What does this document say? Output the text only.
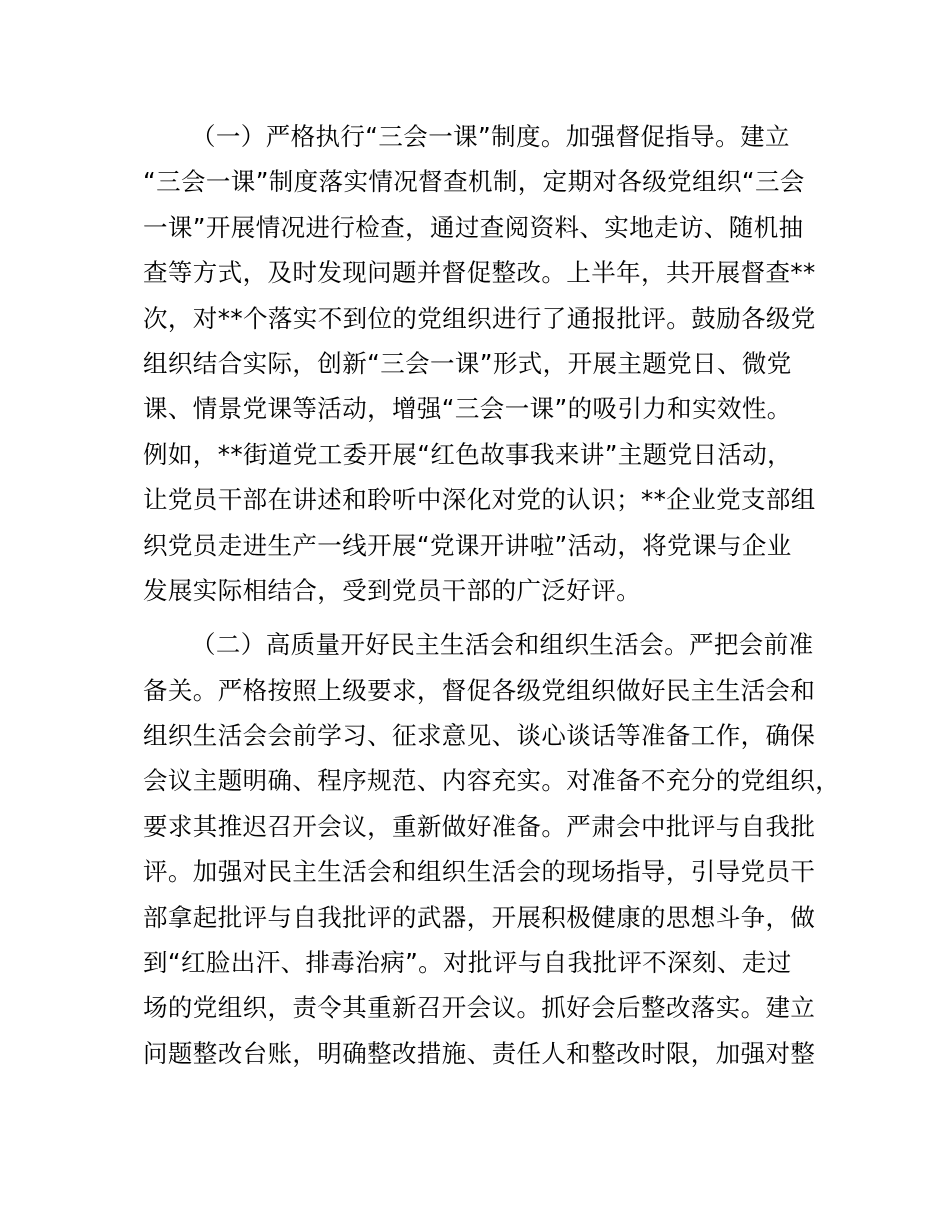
（一）严格执行“三会一课”制度。加强督促指导。建立
“三会一课”制度落实情况督查机制，定期对各级党组织“三会
一课”开展情况进行检查，通过查阅资料、实地走访、随机抽
查等方式，及时发现问题并督促整改。上半年，共开展督查**
次，对**个落实不到位的党组织进行了通报批评。鼓励各级党
组织结合实际，创新“三会一课”形式，开展主题党日、微党
课、情景党课等活动，增强“三会一课”的吸引力和实效性。
例如，**街道党工委开展“红色故事我来讲”主题党日活动，
让党员干部在讲述和聆听中深化对党的认识；**企业党支部组
织党员走进生产一线开展“党课开讲啦”活动，将党课与企业
发展实际相结合，受到党员干部的广泛好评。
（二）高质量开好民主生活会和组织生活会。严把会前准
备关。严格按照上级要求，督促各级党组织做好民主生活会和
组织生活会会前学习、征求意见、谈心谈话等准备工作，确保
会议主题明确、程序规范、内容充实。对准备不充分的党组织，
要求其推迟召开会议，重新做好准备。严肃会中批评与自我批
评。加强对民主生活会和组织生活会的现场指导，引导党员干
部拿起批评与自我批评的武器，开展积极健康的思想斗争，做
到“红脸出汗、排毒治病”。对批评与自我批评不深刻、走过
场的党组织，责令其重新召开会议。抓好会后整改落实。建立
问题整改台账，明确整改措施、责任人和整改时限，加强对整
